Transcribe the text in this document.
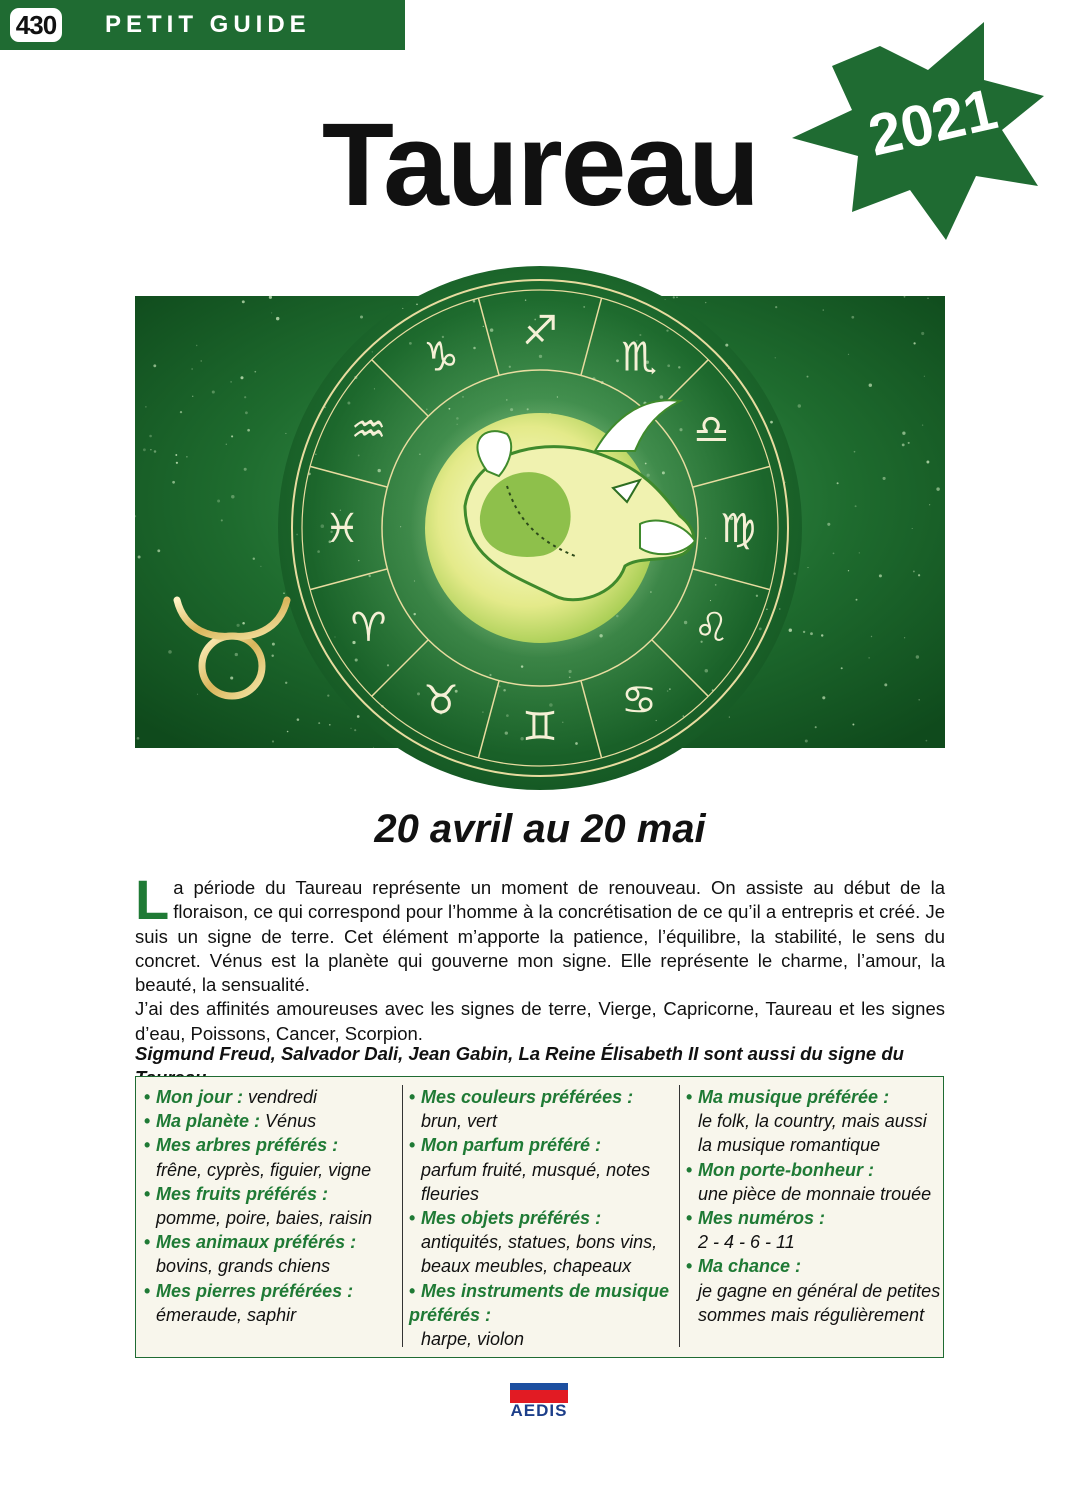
430 PETIT GUIDE
Taureau	2021
♑
♐
♏
♎
♍
♌
♋
♊
♉
♈
♓
♒
20 avril au 20 mai

La période du Taureau représente un moment de renouveau. On assiste au début de la floraison, ce qui correspond pour l’homme à la concrétisation de ce qu’il a entrepris et créé. Je suis un signe de terre. Cet élément m’apporte la patience, l’équilibre, la stabilité, le sens du concret. Vénus est la planète qui gouverne mon signe. Elle représente le charme, l’amour, la beauté, la sensualité.
J’ai des affinités amoureuses avec les signes de terre, Vierge, Capricorne, Taureau et les signes d’eau, Poissons, Cancer, Scorpion.

Sigmund Freud, Salvador Dali, Jean Gabin, La Reine Élisabeth II sont aussi du signe du

• Mon jour : vendredi
• Ma planète : Vénus
• Mes arbres préférés :
frêne, cyprès, figuier, vigne
• Mes fruits préférés :
pomme, poire, baies, raisin
• Mes animaux préférés :
bovins, grands chiens
• Mes pierres préférées :
émeraude, saphir
• Mes couleurs préférées :
brun, vert
• Mon parfum préféré :
parfum fruité, musqué, notes fleuries
• Mes objets préférés :
antiquités, statues, bons vins, beaux meubles, chapeaux
• Mes instruments de musique préférés :
harpe, violon
• Ma musique préférée :
le folk, la country, mais aussi la musique romantique
• Mon porte-bonheur :
une pièce de monnaie trouée
• Mes numéros :
2 - 4 - 6 - 11
• Ma chance :
je gagne en général de petites sommes mais régulièrement
AEDIS
